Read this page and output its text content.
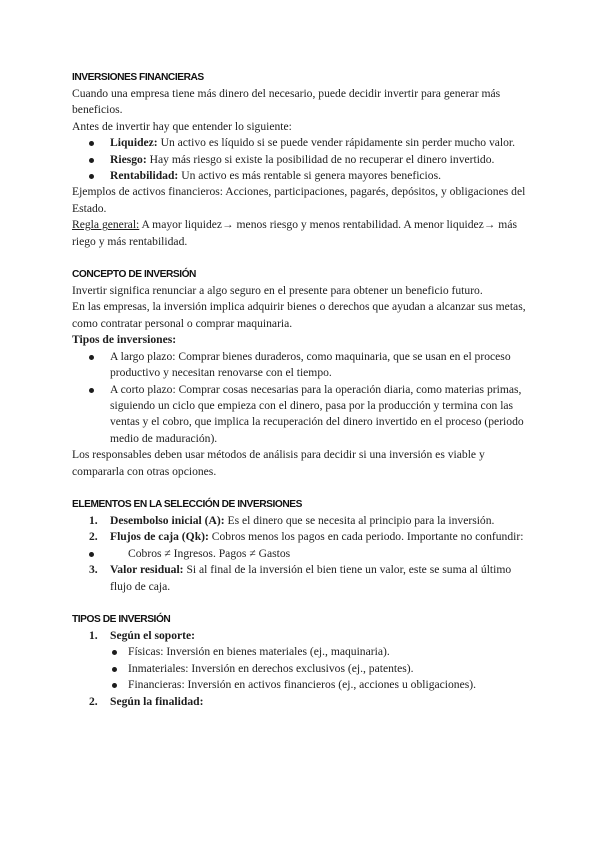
INVERSIONES FINANCIERAS

Cuando una empresa tiene más dinero del necesario, puede decidir invertir para generar más beneficios.

Antes de invertir hay que entender lo siguiente:

Liquidez: Un activo es líquido si se puede vender rápidamente sin perder mucho valor.
Riesgo: Hay más riesgo si existe la posibilidad de no recuperar el dinero invertido.
Rentabilidad: Un activo es más rentable si genera mayores beneficios.

Ejemplos de activos financieros: Acciones, participaciones, pagarés, depósitos, y obligaciones del Estado.

Regla general: A mayor liquidez→ menos riesgo y menos rentabilidad. A menor liquidez→ más riego y más rentabilidad.

CONCEPTO DE INVERSIÓN

Invertir significa renunciar a algo seguro en el presente para obtener un beneficio futuro.

En las empresas, la inversión implica adquirir bienes o derechos que ayudan a alcanzar sus metas, como contratar personal o comprar maquinaria.

Tipos de inversiones:

A largo plazo: Comprar bienes duraderos, como maquinaria, que se usan en el proceso productivo y necesitan renovarse con el tiempo.
A corto plazo: Comprar cosas necesarias para la operación diaria, como materias primas, siguiendo un ciclo que empieza con el dinero, pasa por la producción y termina con las ventas y el cobro, que implica la recuperación del dinero invertido en el proceso (periodo medio de maduración).

Los responsables deben usar métodos de análisis para decidir si una inversión es viable y compararla con otras opciones.

ELEMENTOS EN LA SELECCIÓN DE INVERSIONES

1. Desembolso inicial (A): Es el dinero que se necesita al principio para la inversión.
2. Flujos de caja (Qk): Cobros menos los pagos en cada periodo. Importante no confundir:
Cobros ≠ Ingresos. Pagos ≠ Gastos
3. Valor residual: Si al final de la inversión el bien tiene un valor, este se suma al último flujo de caja.

TIPOS DE INVERSIÓN

1. Según el soporte:
Físicas: Inversión en bienes materiales (ej., maquinaria).
Inmateriales: Inversión en derechos exclusivos (ej., patentes).
Financieras: Inversión en activos financieros (ej., acciones u obligaciones).
2. Según la finalidad:
